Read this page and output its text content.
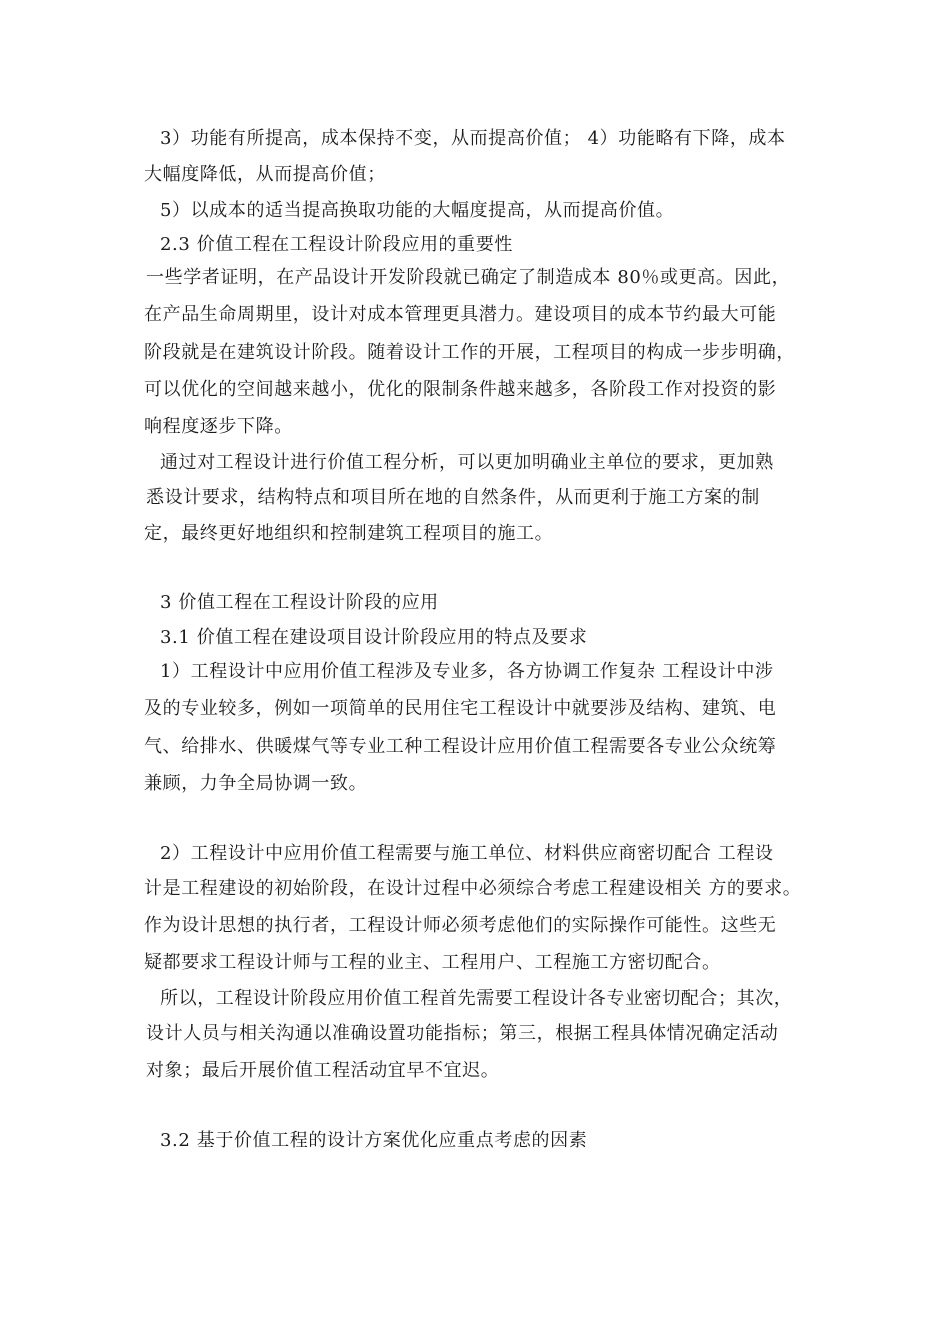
3）功能有所提高，成本保持不变，从而提高价值； 4）功能略有下降，成本
大幅度降低，从而提高价值；
5）以成本的适当提高换取功能的大幅度提高，从而提高价值。
2.3 价值工程在工程设计阶段应用的重要性
一些学者证明，在产品设计开发阶段就已确定了制造成本 80％或更高。因此，
在产品生命周期里，设计对成本管理更具潜力。建设项目的成本节约最大可能
阶段就是在建筑设计阶段。随着设计工作的开展，工程项目的构成一步步明确，
可以优化的空间越来越小，优化的限制条件越来越多，各阶段工作对投资的影
响程度逐步下降。
通过对工程设计进行价值工程分析，可以更加明确业主单位的要求，更加熟
悉设计要求，结构特点和项目所在地的自然条件，从而更利于施工方案的制
定，最终更好地组织和控制建筑工程项目的施工。
3 价值工程在工程设计阶段的应用
3.1 价值工程在建设项目设计阶段应用的特点及要求
1）工程设计中应用价值工程涉及专业多，各方协调工作复杂 工程设计中涉
及的专业较多，例如一项简单的民用住宅工程设计中就要涉及结构、建筑、电
气、给排水、供暖煤气等专业工种工程设计应用价值工程需要各专业公众统筹
兼顾，力争全局协调一致。
2）工程设计中应用价值工程需要与施工单位、材料供应商密切配合 工程设
计是工程建设的初始阶段，在设计过程中必须综合考虑工程建设相关 方的要求。
作为设计思想的执行者，工程设计师必须考虑他们的实际操作可能性。这些无
疑都要求工程设计师与工程的业主、工程用户、工程施工方密切配合。
所以，工程设计阶段应用价值工程首先需要工程设计各专业密切配合；其次，
设计人员与相关沟通以准确设置功能指标；第三，根据工程具体情况确定活动
对象；最后开展价值工程活动宜早不宜迟。
3.2 基于价值工程的设计方案优化应重点考虑的因素
